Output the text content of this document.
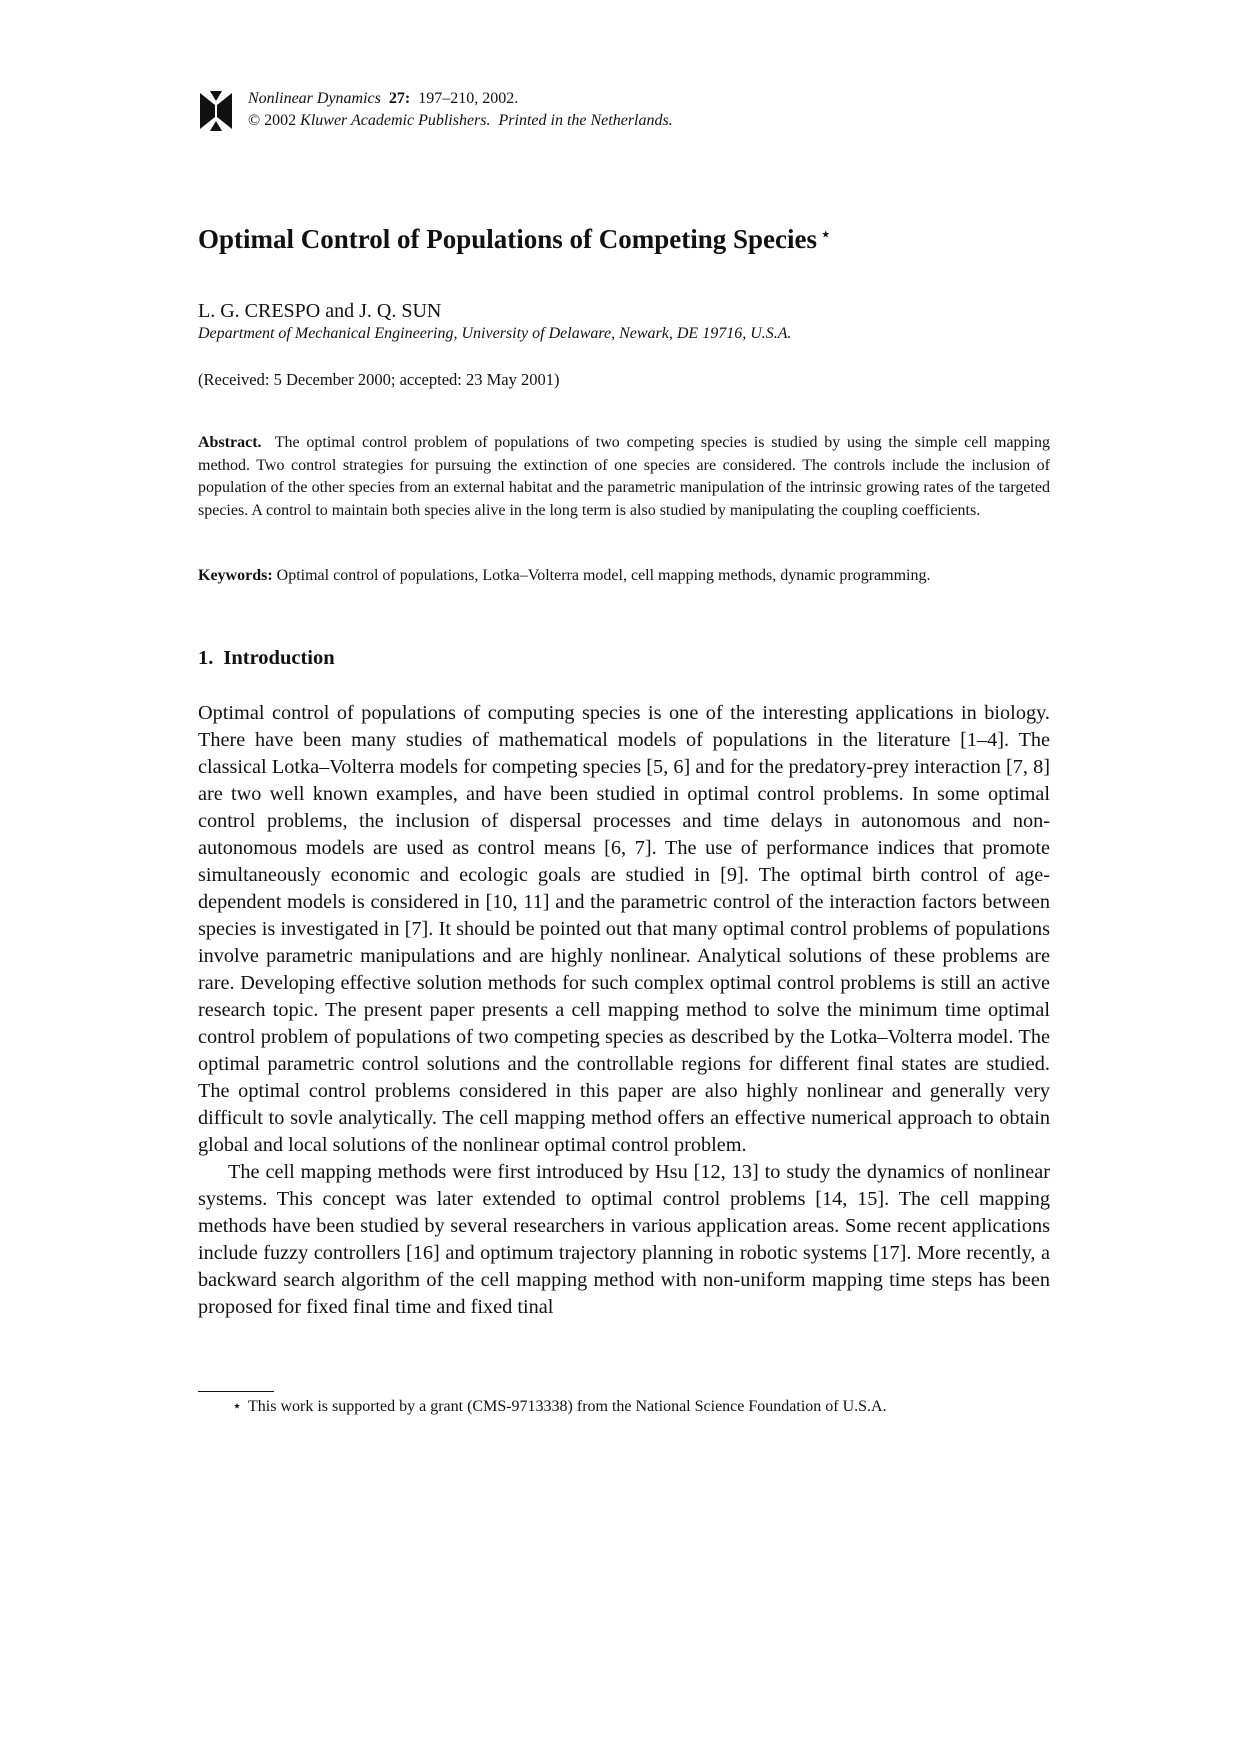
Nonlinear Dynamics 27: 197–210, 2002.
© 2002 Kluwer Academic Publishers. Printed in the Netherlands.
Optimal Control of Populations of Competing Species ⋆
L. G. CRESPO and J. Q. SUN
Department of Mechanical Engineering, University of Delaware, Newark, DE 19716, U.S.A.
(Received: 5 December 2000; accepted: 23 May 2001)

Abstract. The optimal control problem of populations of two competing species is studied by using the simple cell mapping method. Two control strategies for pursuing the extinction of one species are considered. The controls include the inclusion of population of the other species from an external habitat and the parametric manipulation of the intrinsic growing rates of the targeted species. A control to maintain both species alive in the long term is also studied by manipulating the coupling coefficients.

Keywords: Optimal control of populations, Lotka–Volterra model, cell mapping methods, dynamic programming.
1. Introduction

Optimal control of populations of computing species is one of the interesting applications in biology. There have been many studies of mathematical models of populations in the literature [1–4]. The classical Lotka–Volterra models for competing species [5, 6] and for the predatory-prey interaction [7, 8] are two well known examples, and have been studied in optimal control problems. In some optimal control problems, the inclusion of dispersal processes and time delays in autonomous and non-autonomous models are used as control means [6, 7]. The use of performance indices that promote simultaneously economic and ecologic goals are studied in [9]. The optimal birth control of age-dependent models is considered in [10, 11] and the parametric control of the interaction factors between species is investigated in [7]. It should be pointed out that many optimal control problems of populations involve parametric manipulations and are highly nonlinear. Analytical solutions of these problems are rare. Developing effective solution methods for such complex optimal control problems is still an active research topic. The present paper presents a cell mapping method to solve the minimum time optimal control problem of populations of two competing species as described by the Lotka–Volterra model. The optimal parametric control solutions and the controllable regions for different final states are studied. The optimal control problems considered in this paper are also highly nonlinear and generally very difficult to sovle analytically. The cell mapping method offers an effective numerical approach to obtain global and local solutions of the nonlinear optimal control problem.

The cell mapping methods were first introduced by Hsu [12, 13] to study the dynamics of nonlinear systems. This concept was later extended to optimal control problems [14, 15]. The cell mapping methods have been studied by several researchers in various application areas. Some recent applications include fuzzy controllers [16] and optimum trajectory planning in robotic systems [17]. More recently, a backward search algorithm of the cell mapping method with non-uniform mapping time steps has been proposed for fixed final time and fixed tinal

⋆ This work is supported by a grant (CMS-9713338) from the National Science Foundation of U.S.A.
